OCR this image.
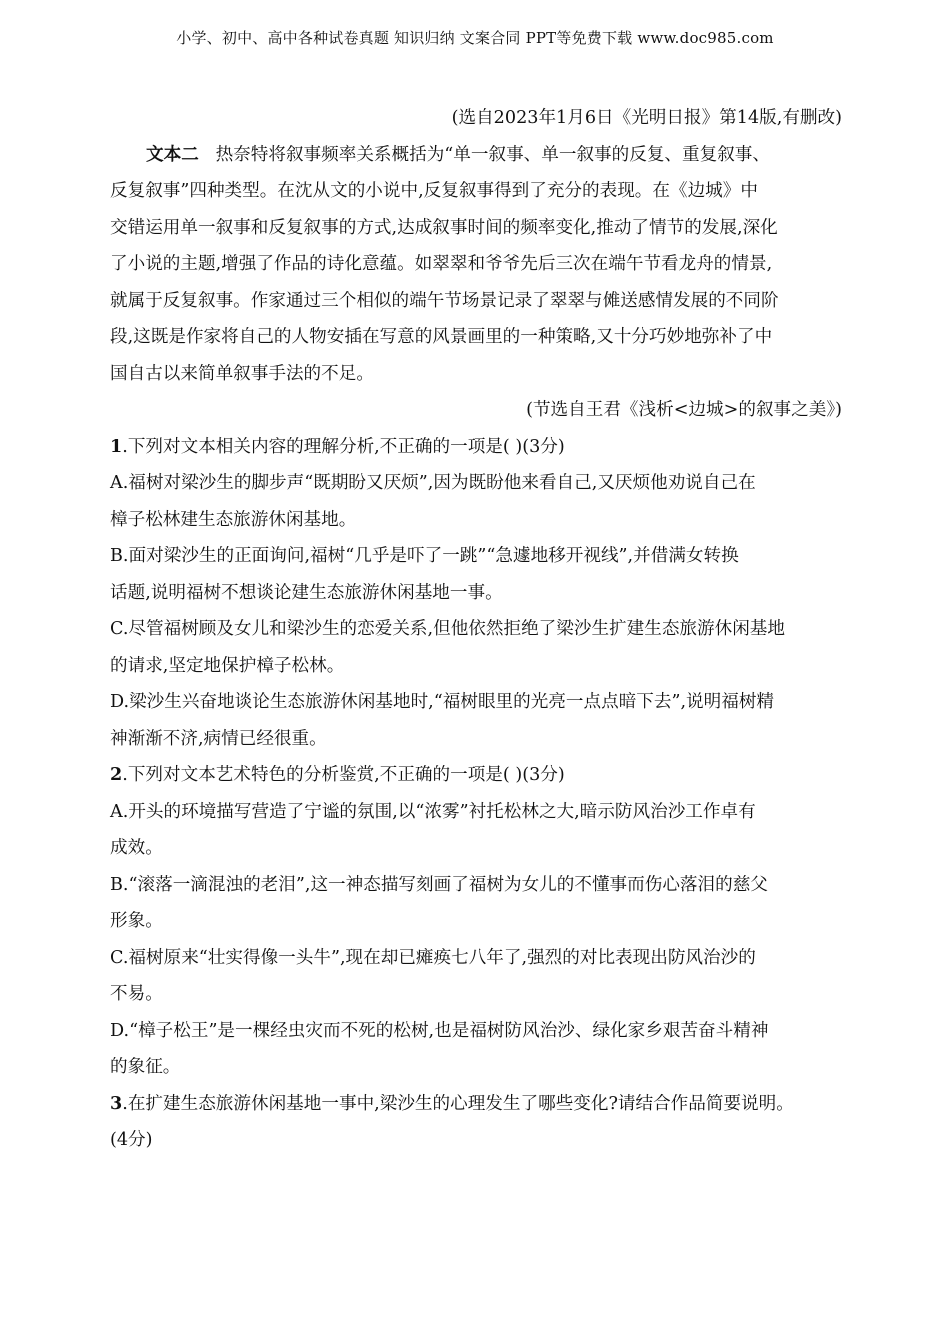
小学、初中、高中各种试卷真题 知识归纳 文案合同 PPT等免费下载 www.doc985.com
(选自2023年1月6日《光明日报》第14版,有删改)
文本二 热奈特将叙事频率关系概括为“单一叙事、单一叙事的反复、重复叙事、
反复叙事”四种类型。在沈从文的小说中,反复叙事得到了充分的表现。在《边城》中
交错运用单一叙事和反复叙事的方式,达成叙事时间的频率变化,推动了情节的发展,深化
了小说的主题,增强了作品的诗化意蕴。如翠翠和爷爷先后三次在端午节看龙舟的情景,
就属于反复叙事。作家通过三个相似的端午节场景记录了翠翠与傩送感情发展的不同阶
段,这既是作家将自己的人物安插在写意的风景画里的一种策略,又十分巧妙地弥补了中
国自古以来简单叙事手法的不足。
(节选自王君《浅析<边城>的叙事之美》)
1.下列对文本相关内容的理解分析,不正确的一项是( )(3分)
A.福树对梁沙生的脚步声“既期盼又厌烦”,因为既盼他来看自己,又厌烦他劝说自己在
樟子松林建生态旅游休闲基地。
B.面对梁沙生的正面询问,福树“几乎是吓了一跳”“急遽地移开视线”,并借满女转换
话题,说明福树不想谈论建生态旅游休闲基地一事。
C.尽管福树顾及女儿和梁沙生的恋爱关系,但他依然拒绝了梁沙生扩建生态旅游休闲基地
的请求,坚定地保护樟子松林。
D.梁沙生兴奋地谈论生态旅游休闲基地时,“福树眼里的光亮一点点暗下去”,说明福树精
神渐渐不济,病情已经很重。
2.下列对文本艺术特色的分析鉴赏,不正确的一项是( )(3分)
A.开头的环境描写营造了宁谧的氛围,以“浓雾”衬托松林之大,暗示防风治沙工作卓有
成效。
B.“滚落一滴混浊的老泪”,这一神态描写刻画了福树为女儿的不懂事而伤心落泪的慈父
形象。
C.福树原来“壮实得像一头牛”,现在却已瘫痪七八年了,强烈的对比表现出防风治沙的
不易。
D.“樟子松王”是一棵经虫灾而不死的松树,也是福树防风治沙、绿化家乡艰苦奋斗精神
的象征。
3.在扩建生态旅游休闲基地一事中,梁沙生的心理发生了哪些变化?请结合作品简要说明。
(4分)
